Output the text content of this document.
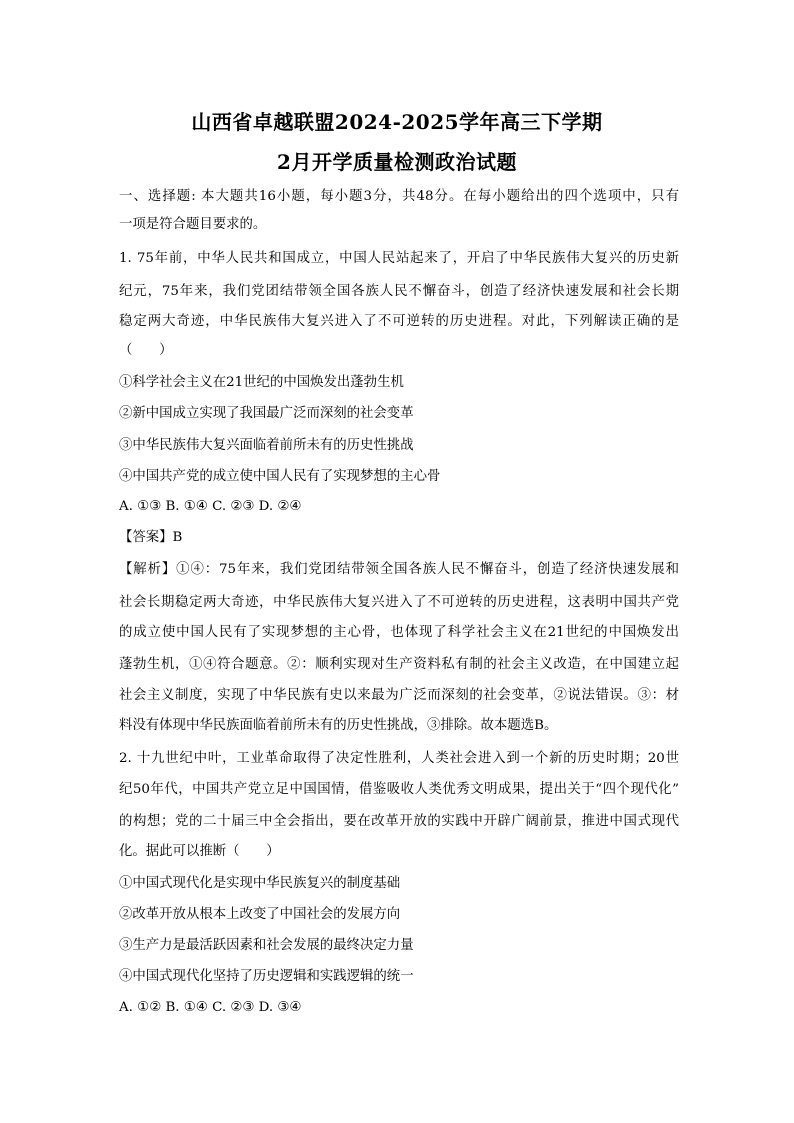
山西省卓越联盟2024-2025学年高三下学期
2月开学质量检测政治试题
一、选择题: 本大题共16小题，每小题3分，共48分。在每小题给出的四个选项中，只有
一项是符合题目要求的。
1. 75年前，中华人民共和国成立，中国人民站起来了，开启了中华民族伟大复兴的历史新
纪元，75年来，我们党团结带领全国各族人民不懈奋斗，创造了经济快速发展和社会长期
稳定两大奇迹，中华民族伟大复兴进入了不可逆转的历史进程。对此，下列解读正确的是
（　　）
①科学社会主义在21世纪的中国焕发出蓬勃生机
②新中国成立实现了我国最广泛而深刻的社会变革
③中华民族伟大复兴面临着前所未有的历史性挑战
④中国共产党的成立使中国人民有了实现梦想的主心骨
A. ①③ B. ①④ C. ②③ D. ②④
【答案】B
【解析】①④：75年来，我们党团结带领全国各族人民不懈奋斗，创造了经济快速发展和
社会长期稳定两大奇迹，中华民族伟大复兴进入了不可逆转的历史进程，这表明中国共产党
的成立使中国人民有了实现梦想的主心骨，也体现了科学社会主义在21世纪的中国焕发出
蓬勃生机，①④符合题意。②：顺利实现对生产资料私有制的社会主义改造，在中国建立起
社会主义制度，实现了中华民族有史以来最为广泛而深刻的社会变革，②说法错误。③：材
料没有体现中华民族面临着前所未有的历史性挑战，③排除。故本题选B。
2. 十九世纪中叶，工业革命取得了决定性胜利，人类社会进入到一个新的历史时期；20世
纪50年代，中国共产党立足中国国情，借鉴吸收人类优秀文明成果，提出关于“四个现代化”
的构想；党的二十届三中全会指出，要在改革开放的实践中开辟广阔前景，推进中国式现代
化。据此可以推断（　　）
①中国式现代化是实现中华民族复兴的制度基础
②改革开放从根本上改变了中国社会的发展方向
③生产力是最活跃因素和社会发展的最终决定力量
④中国式现代化坚持了历史逻辑和实践逻辑的统一
A. ①② B. ①④ C. ②③ D. ③④
